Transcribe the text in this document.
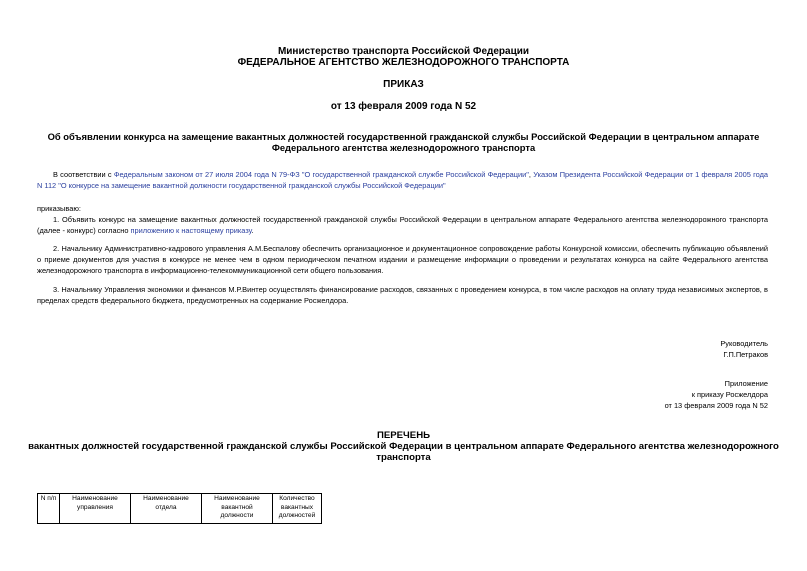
Министерство транспорта Российской Федерации
ФЕДЕРАЛЬНОЕ АГЕНТСТВО ЖЕЛЕЗНОДОРОЖНОГО ТРАНСПОРТА
ПРИКАЗ
от 13 февраля 2009 года N 52
Об объявлении конкурса на замещение вакантных должностей государственной гражданской службы Российской Федерации в центральном аппарате
Федерального агентства железнодорожного транспорта
В соответствии с Федеральным законом от 27 июля 2004 года N 79-ФЗ "О государственной гражданской службе Российской Федерации", Указом Президента Российской Федерации от 1 февраля 2005 года N 112 "О конкурсе на замещение вакантной должности государственной гражданской службы Российской Федерации"
приказываю:
1. Объявить конкурс на замещение вакантных должностей государственной гражданской службы Российской Федерации в центральном аппарате Федерального агентства железнодорожного транспорта (далее - конкурс) согласно приложению к настоящему приказу.
2. Начальнику Административно-кадрового управления А.М.Беспалову обеспечить организационное и документационное сопровождение работы Конкурсной комиссии, обеспечить публикацию объявлений о приеме документов для участия в конкурсе не менее чем в одном периодическом печатном издании и размещение информации о проведении и результатах конкурса на сайте Федерального агентства железнодорожного транспорта в информационно-телекоммуникационной сети общего пользования.
3. Начальнику Управления экономики и финансов М.Р.Винтер осуществлять финансирование расходов, связанных с проведением конкурса, в том числе расходов на оплату труда независимых экспертов, в пределах средств федерального бюджета, предусмотренных на содержание Росжелдора.
Руководитель
Г.П.Петраков
Приложение
к приказу Росжелдора
от 13 февраля 2009 года N 52
ПЕРЕЧЕНЬ
вакантных должностей государственной гражданской службы Российской Федерации в центральном аппарате Федерального агентства железнодорожного
транспорта
N п/п	Наименование управления	Наименование отдела	Наименование вакантной должности	Количество вакантных должностей
